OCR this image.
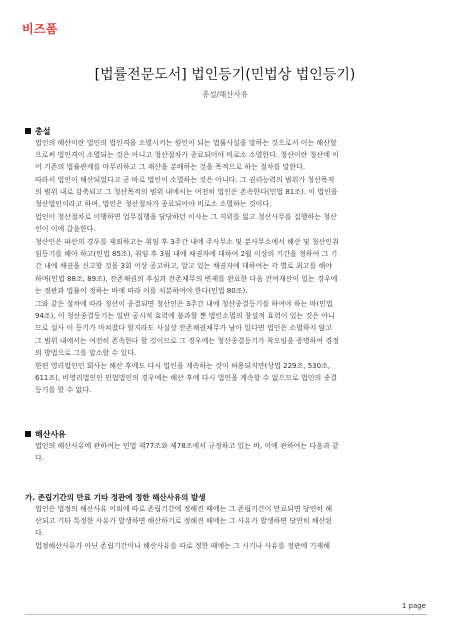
비즈폼
[법률전문도서] 법인등기(민법상 법인등기)
총설/해산사유
총설
법인의 해산이란 법인의 법인격을 소멸시키는 원인이 되는 법률사실을 말하는 것으로서 이는 해산할
으로써 법인격이 소멸되는 것은 아니고 청산절차가 종료되어야 비로소 소멸한다. 청산이란 청산에 이
어 기존의 법률관계를 마무리하고 그 재산을 분배하는 것을 목적으로 하는 절차를 말한다.
따라서 법인이 해산되었다고 곧 바로 법인이 소멸하는 것은 아니다. 그 권리능력의 범위가 청산목적
의 범위 내로 감축되고 그 청산목적의 범위 내에서는 여전히 법인은 존속한다(민법 81조). 이 법인을
청산법인이라고 하며, 법인은 청산절차가 종료되어야 비로소 소멸하는 것이다.
법인이 청산절차로 이행하면 업무집행을 담당하던 이사는 그 지위를 잃고 청산사무를 집행하는 청산
인이 이에 갈음한다.
청산인은 파산의 경우를 제외하고는 취임 후 3주간 내에 주사무소 및 분사무소에서 해산 및 청산인취
임등기를 해야 하고(민법 85조), 취임 후 3월 내에 채권자에 대하여 2월 이상의 기간을 정하여 그 기
간 내에 채권을 신고할 것을 3회 이상 공고하고, 알고 있는 채권자에 대하여는 각 별로 최고를 해야
하며(민법 88조, 89조), 잔존채권의 추심과 잔존채무의 변제를 완료한 다음 잔여재산이 있는 경우에
는 정관과 법률이 정하는 바에 따라 이를 처분하여야 한다(민법 80조).
그와 같은 절차에 따라 청산이 종결되면 청산인은 3주간 내에 청산종결등기를 하여야 하는 바(민법
94조), 이 청산종결등기는 일반 공시적 효력에 불과할 뿐 법인소멸의 창설적 효력이 있는 것은 아니
므로 설사 이 등기가 마쳐졌다 할지라도 사실상 잔존채권채무가 남아 있다면 법인은 소멸하지 않고
그 범위 내에서는 여전히 존속한다 할 것이므로 그 경우에는 청산종결등기가 착오임을 증명하여 경정
의 방법으로 그를 말소할 수 있다.
한편 영리법인인 회사는 해산 후에도 다시 법인을 계속하는 것이 허용되지만(상법 229조, 530조,
611조), 비영리법인인 민법법인의 경우에는 해산 후에 다시 법인을 계속할 수 없으므로 법인의 종결
등기를 할 수 없다.
해산사유
법인의 해산사유에 관하여는 민법 제77조와 제78조에서 규정하고 있는 바, 이에 관하여는 다음과 같
다.
가. 존립기간의 만료 기타 정관에 정한 해산사유의 발생
법인은 법정의 해산사유 이외에 따로 존립기간에 정해진 때에는 그 존립기간이 만료되면 당연히 해
산되고 기타 특정한 사유가 발생하면 해산하기로 정해진 때에는 그 사유가 발생하면 당연히 해산된
다.
법정해산사유가 아닌 존립기간이나 해산사유를 따로 정한 때에는 그 시기나 사유를 정관에 기재해
1 page
